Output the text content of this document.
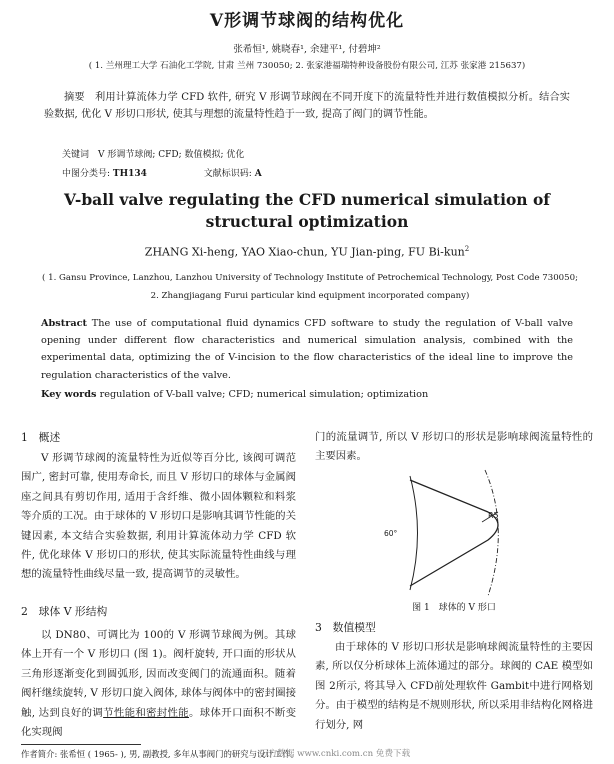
V形调节球阀的结构优化
张希恒¹, 姚晓春¹, 余建平¹, 付碧坤²
( 1. 兰州理工大学 石油化工学院, 甘肃 兰州 730050; 2. 张家港福瑞特种设备股份有限公司, 江苏 张家港 215637)
摘要　利用计算流体力学 CFD 软件, 研究 V 形调节球阀在不同开度下的流量特性并进行数值模拟分析。结合实验数据, 优化 V 形切口形状, 使其与理想的流量特性趋于一致, 提高了阀门的调节性能。
关键词　V 形调节球阀; CFD; 数值模拟; 优化
中图分类号: TH134	文献标识码: A
V-ball valve regulating the CFD numerical simulation of
structural optimization
ZHANG Xi-heng, YAO Xiao-chun, YU Jian-ping, FU Bi-kun$^2$
( 1. Gansu Province, Lanzhou, Lanzhou University of Technology Institute of Petrochemical Technology, Post Code 730050;
2. Zhangjiagang Furui particular kind equipment incorporated company)
Abstract The use of computational fluid dynamics CFD software to study the regulation of V-ball valve opening under different flow characteristics and numerical simulation analysis, combined with the experimental data, optimizing the of V-incision to the flow characteristics of the ideal line to improve the regulation characteristics of the valve.
Key words regulation of V-ball valve; CFD; numerical simulation; optimization
1　概述
V 形调节球阀的流量特性为近似等百分比, 该阀可调范围广, 密封可靠, 使用寿命长, 而且 V 形切口的球体与金属阀座之间具有剪切作用, 适用于含纤维、微小固体颗粒和料浆等介质的工况。由于球体的 V 形切口是影响其调节性能的关键因素, 本文结合实验数据, 利用计算流体动力学 CFD 软件, 优化球体 V 形切口的形状, 使其实际流量特性曲线与理想的流量特性曲线尽量一致, 提高调节的灵敏性。
2　球体 V 形结构
以 DN80、可调比为 100的 V 形调节球阀为例。其球体上开有一个 V 形切口 (图 1)。阀杆旋转, 开口面的形状从三角形逐渐变化到圆弧形, 因而改变阀门的流通面积。随着阀杆继续旋转, V 形切口旋入阀体, 球体与阀体中的密封圈接触, 达到良好的调节性能和密封性能。球体开口面积不断变化实现阀
门的流量调节, 所以 V 形切口的形状是影响球阀流量特性的主要因素。
R5
60°
图 1　球体的 V 形口
3　数值模型
由于球体的 V 形切口形状是影响球阀流量特性的主要因素, 所以仅分析球体上流体通过的部分。球阀的 CAE 模型如图 2所示, 将其导入 CFD前处理软件 Gambit中进行网格划分。由于模型的结构是不规则形状, 所以采用非结构化网格进行划分, 网
作者简介: 张希恒 ( 1965- ), 男, 副教授, 多年从事阀门的研究与设计工作。
万方数据 www.cnki.com.cn 免费下载
